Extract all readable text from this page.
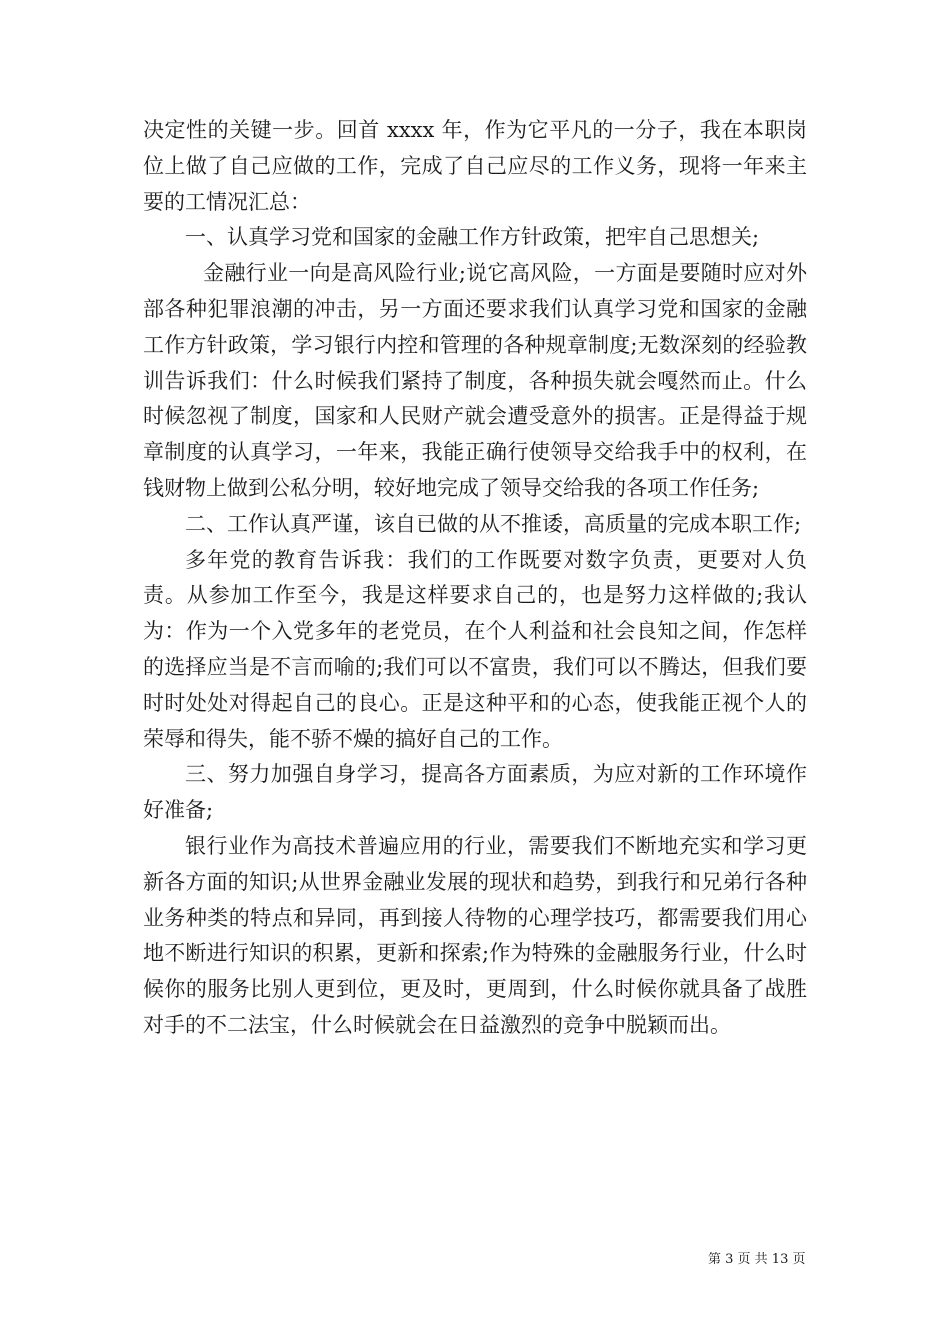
决定性的关键一步。回首 xxxx 年，作为它平凡的一分子，我在本职岗位上做了自己应做的工作，完成了自己应尽的工作义务，现将一年来主要的工情况汇总：

一、认真学习党和国家的金融工作方针政策，把牢自己思想关;

金融行业一向是高风险行业;说它高风险，一方面是要随时应对外部各种犯罪浪潮的冲击，另一方面还要求我们认真学习党和国家的金融工作方针政策，学习银行内控和管理的各种规章制度;无数深刻的经验教训告诉我们：什么时候我们紧持了制度，各种损失就会嘎然而止。什么时候忽视了制度，国家和人民财产就会遭受意外的损害。正是得益于规章制度的认真学习，一年来，我能正确行使领导交给我手中的权利，在钱财物上做到公私分明，较好地完成了领导交给我的各项工作任务;

二、工作认真严谨，该自已做的从不推诿，高质量的完成本职工作;

多年党的教育告诉我：我们的工作既要对数字负责，更要对人负责。从参加工作至今，我是这样要求自己的，也是努力这样做的;我认为：作为一个入党多年的老党员，在个人利益和社会良知之间，作怎样的选择应当是不言而喻的;我们可以不富贵，我们可以不腾达，但我们要时时处处对得起自己的良心。正是这种平和的心态，使我能正视个人的荣辱和得失，能不骄不燥的搞好自己的工作。

三、努力加强自身学习，提高各方面素质，为应对新的工作环境作好准备;

银行业作为高技术普遍应用的行业，需要我们不断地充实和学习更新各方面的知识;从世界金融业发展的现状和趋势，到我行和兄弟行各种业务种类的特点和异同，再到接人待物的心理学技巧，都需要我们用心地不断进行知识的积累，更新和探索;作为特殊的金融服务行业，什么时候你的服务比别人更到位，更及时，更周到，什么时候你就具备了战胜对手的不二法宝，什么时候就会在日益激烈的竞争中脱颖而出。

第 3 页 共 13 页
